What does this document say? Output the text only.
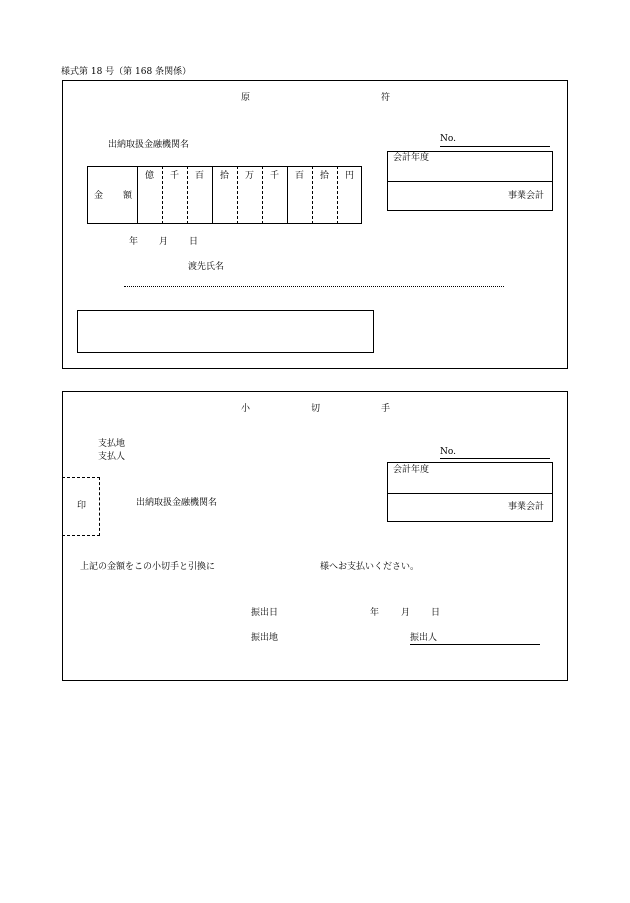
様式第 18 号（第 168 条関係）
原	符
No.
出納取扱金融機関名
会計年度
事業会計
金 額
億 千 百 拾 万 千 百 拾 円
年 月 日
渡先氏名
小	切	手
支払地
支払人	No.
会計年度
事業会計
印	出納取扱金融機関名
上記の金額をこの小切手と引換に	様へお支払いください。
振出日	年 月 日
振出地	振出人
